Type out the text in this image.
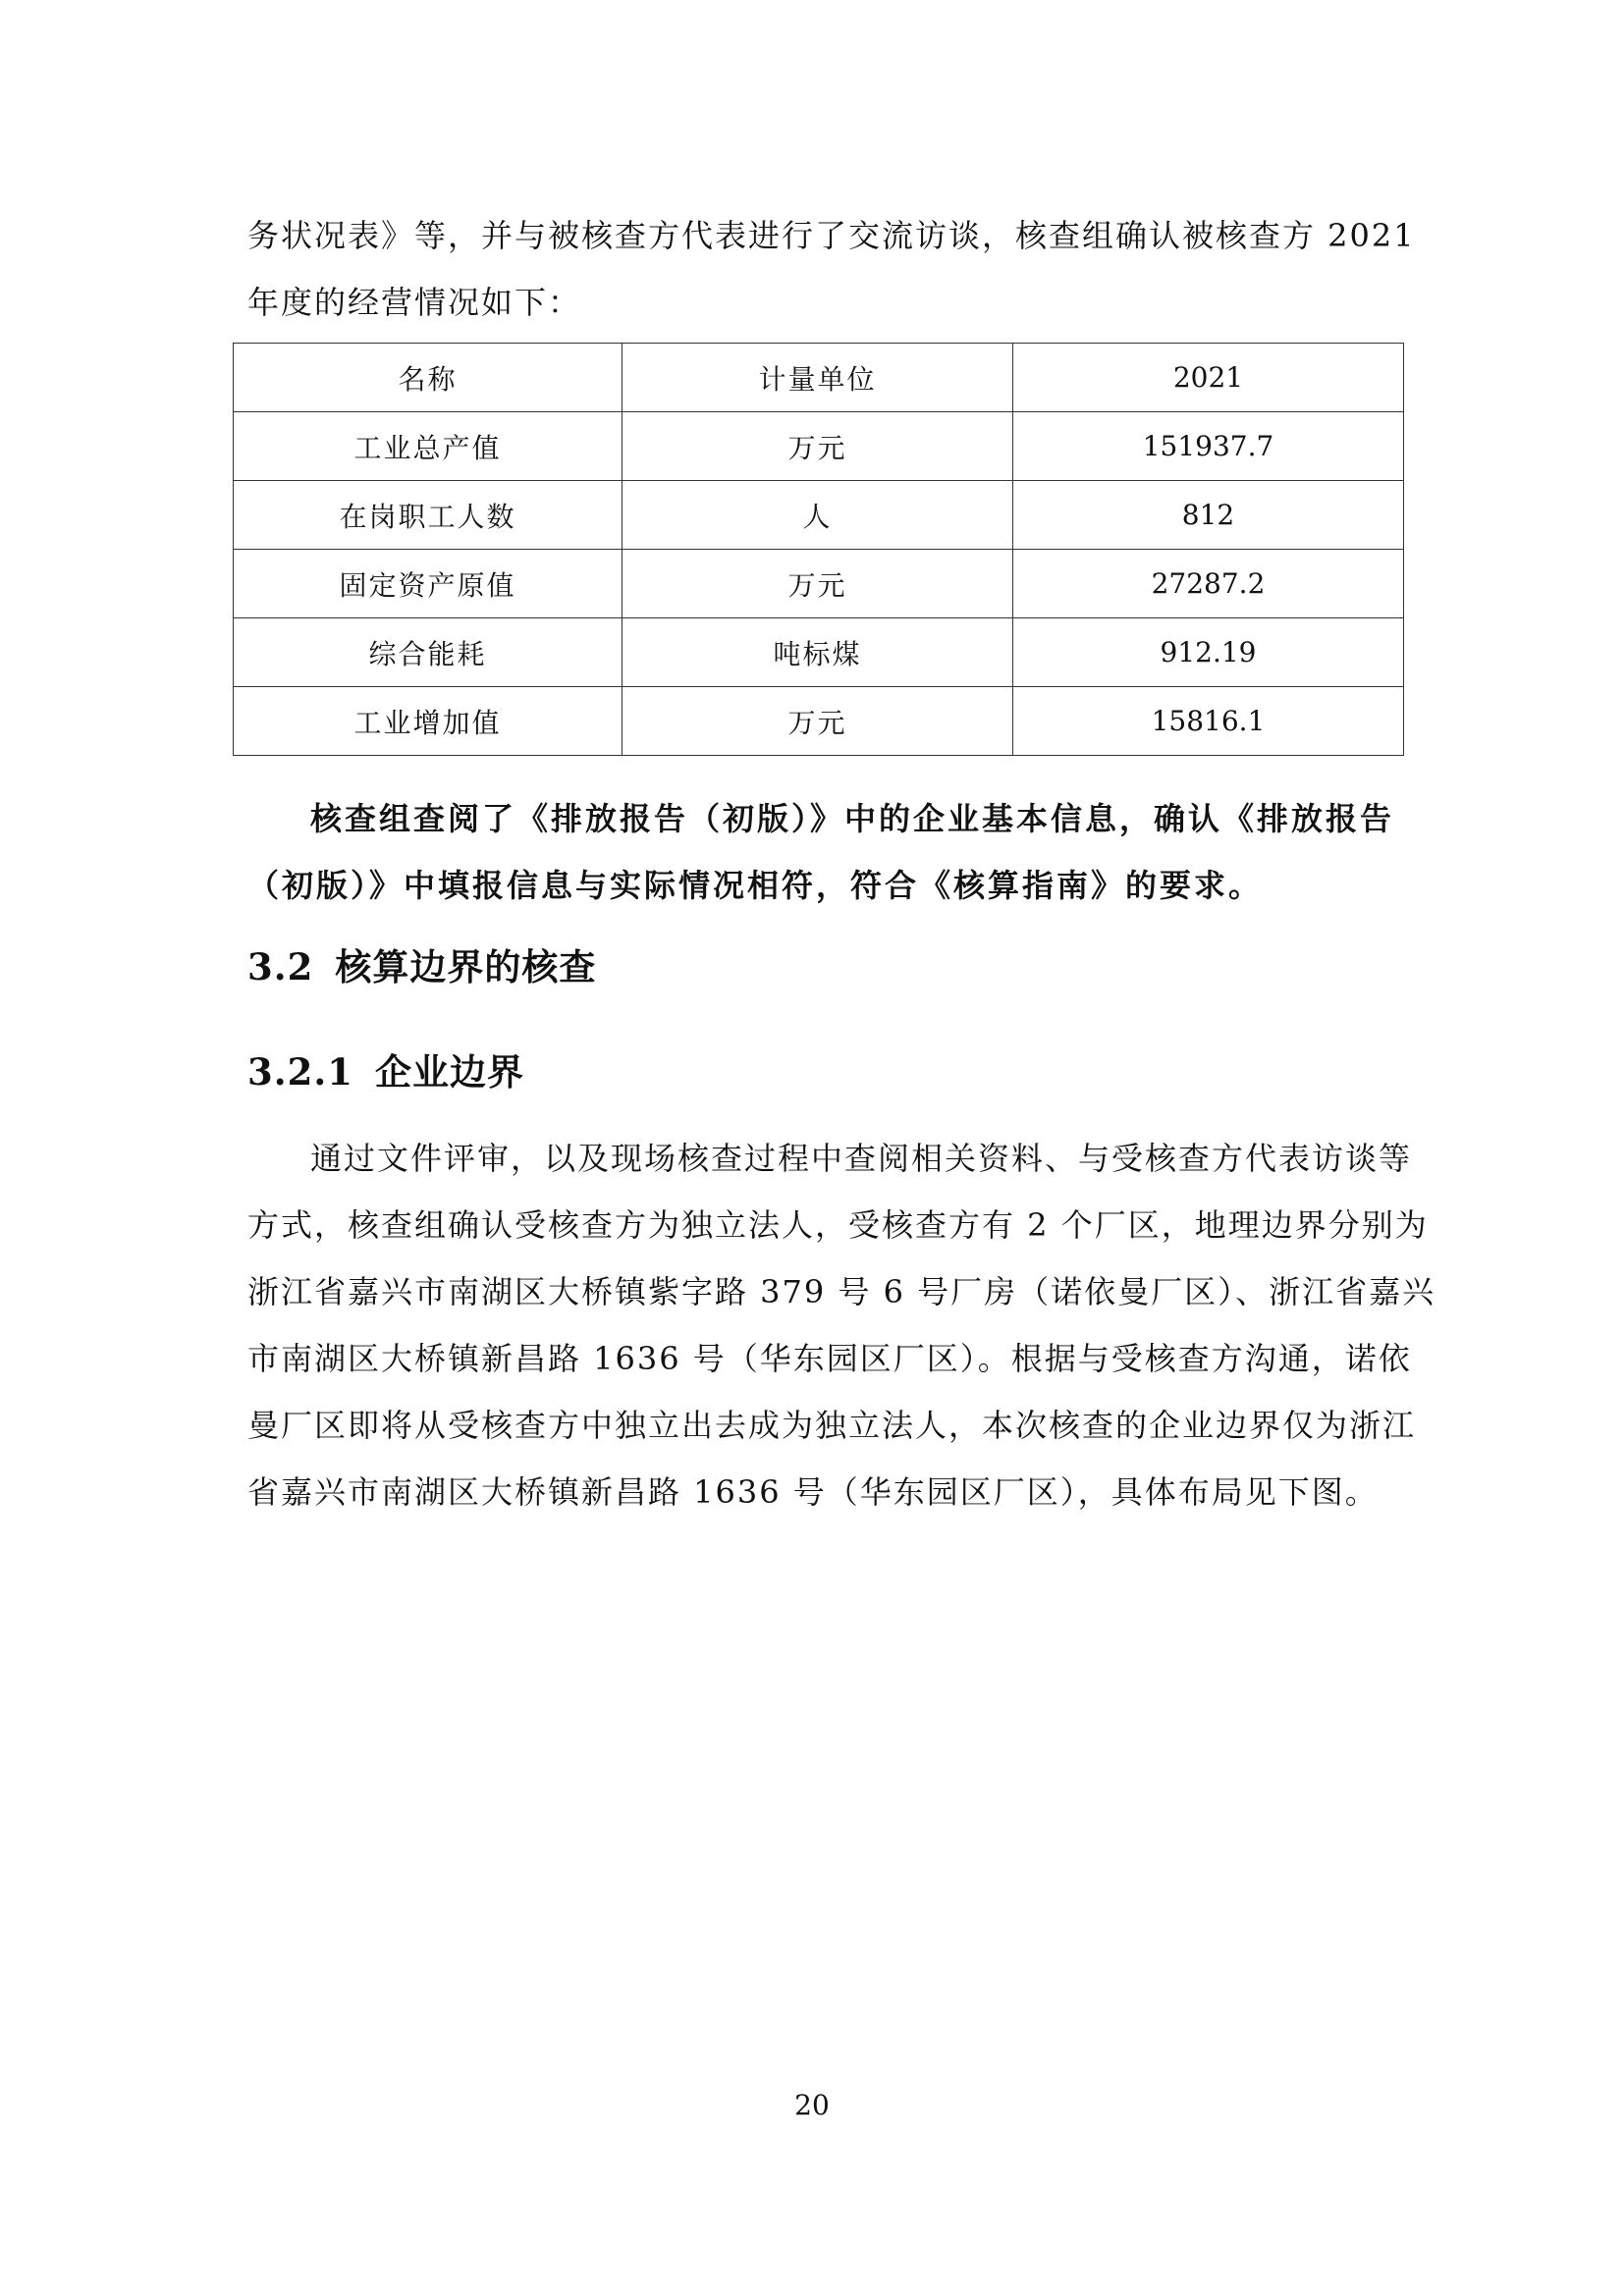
务状况表》等，并与被核查方代表进行了交流访谈，核查组确认被核查方 2021
年度的经营情况如下：

名称	计量单位	2021
工业总产值	万元	151937.7
在岗职工人数	人	812
固定资产原值	万元	27287.2
综合能耗	吨标煤	912.19
工业增加值	万元	15816.1

核查组查阅了《排放报告（初版）》中的企业基本信息，确认《排放报告
（初版）》中填报信息与实际情况相符，符合《核算指南》的要求。

3.2 核算边界的核查
3.2.1 企业边界

通过文件评审，以及现场核查过程中查阅相关资料、与受核查方代表访谈等
方式，核查组确认受核查方为独立法人，受核查方有 2 个厂区，地理边界分别为
浙江省嘉兴市南湖区大桥镇紫字路 379 号 6 号厂房（诺依曼厂区）、浙江省嘉兴
市南湖区大桥镇新昌路 1636 号（华东园区厂区）。根据与受核查方沟通，诺依
曼厂区即将从受核查方中独立出去成为独立法人，本次核查的企业边界仅为浙江
省嘉兴市南湖区大桥镇新昌路 1636 号（华东园区厂区），具体布局见下图。

20
